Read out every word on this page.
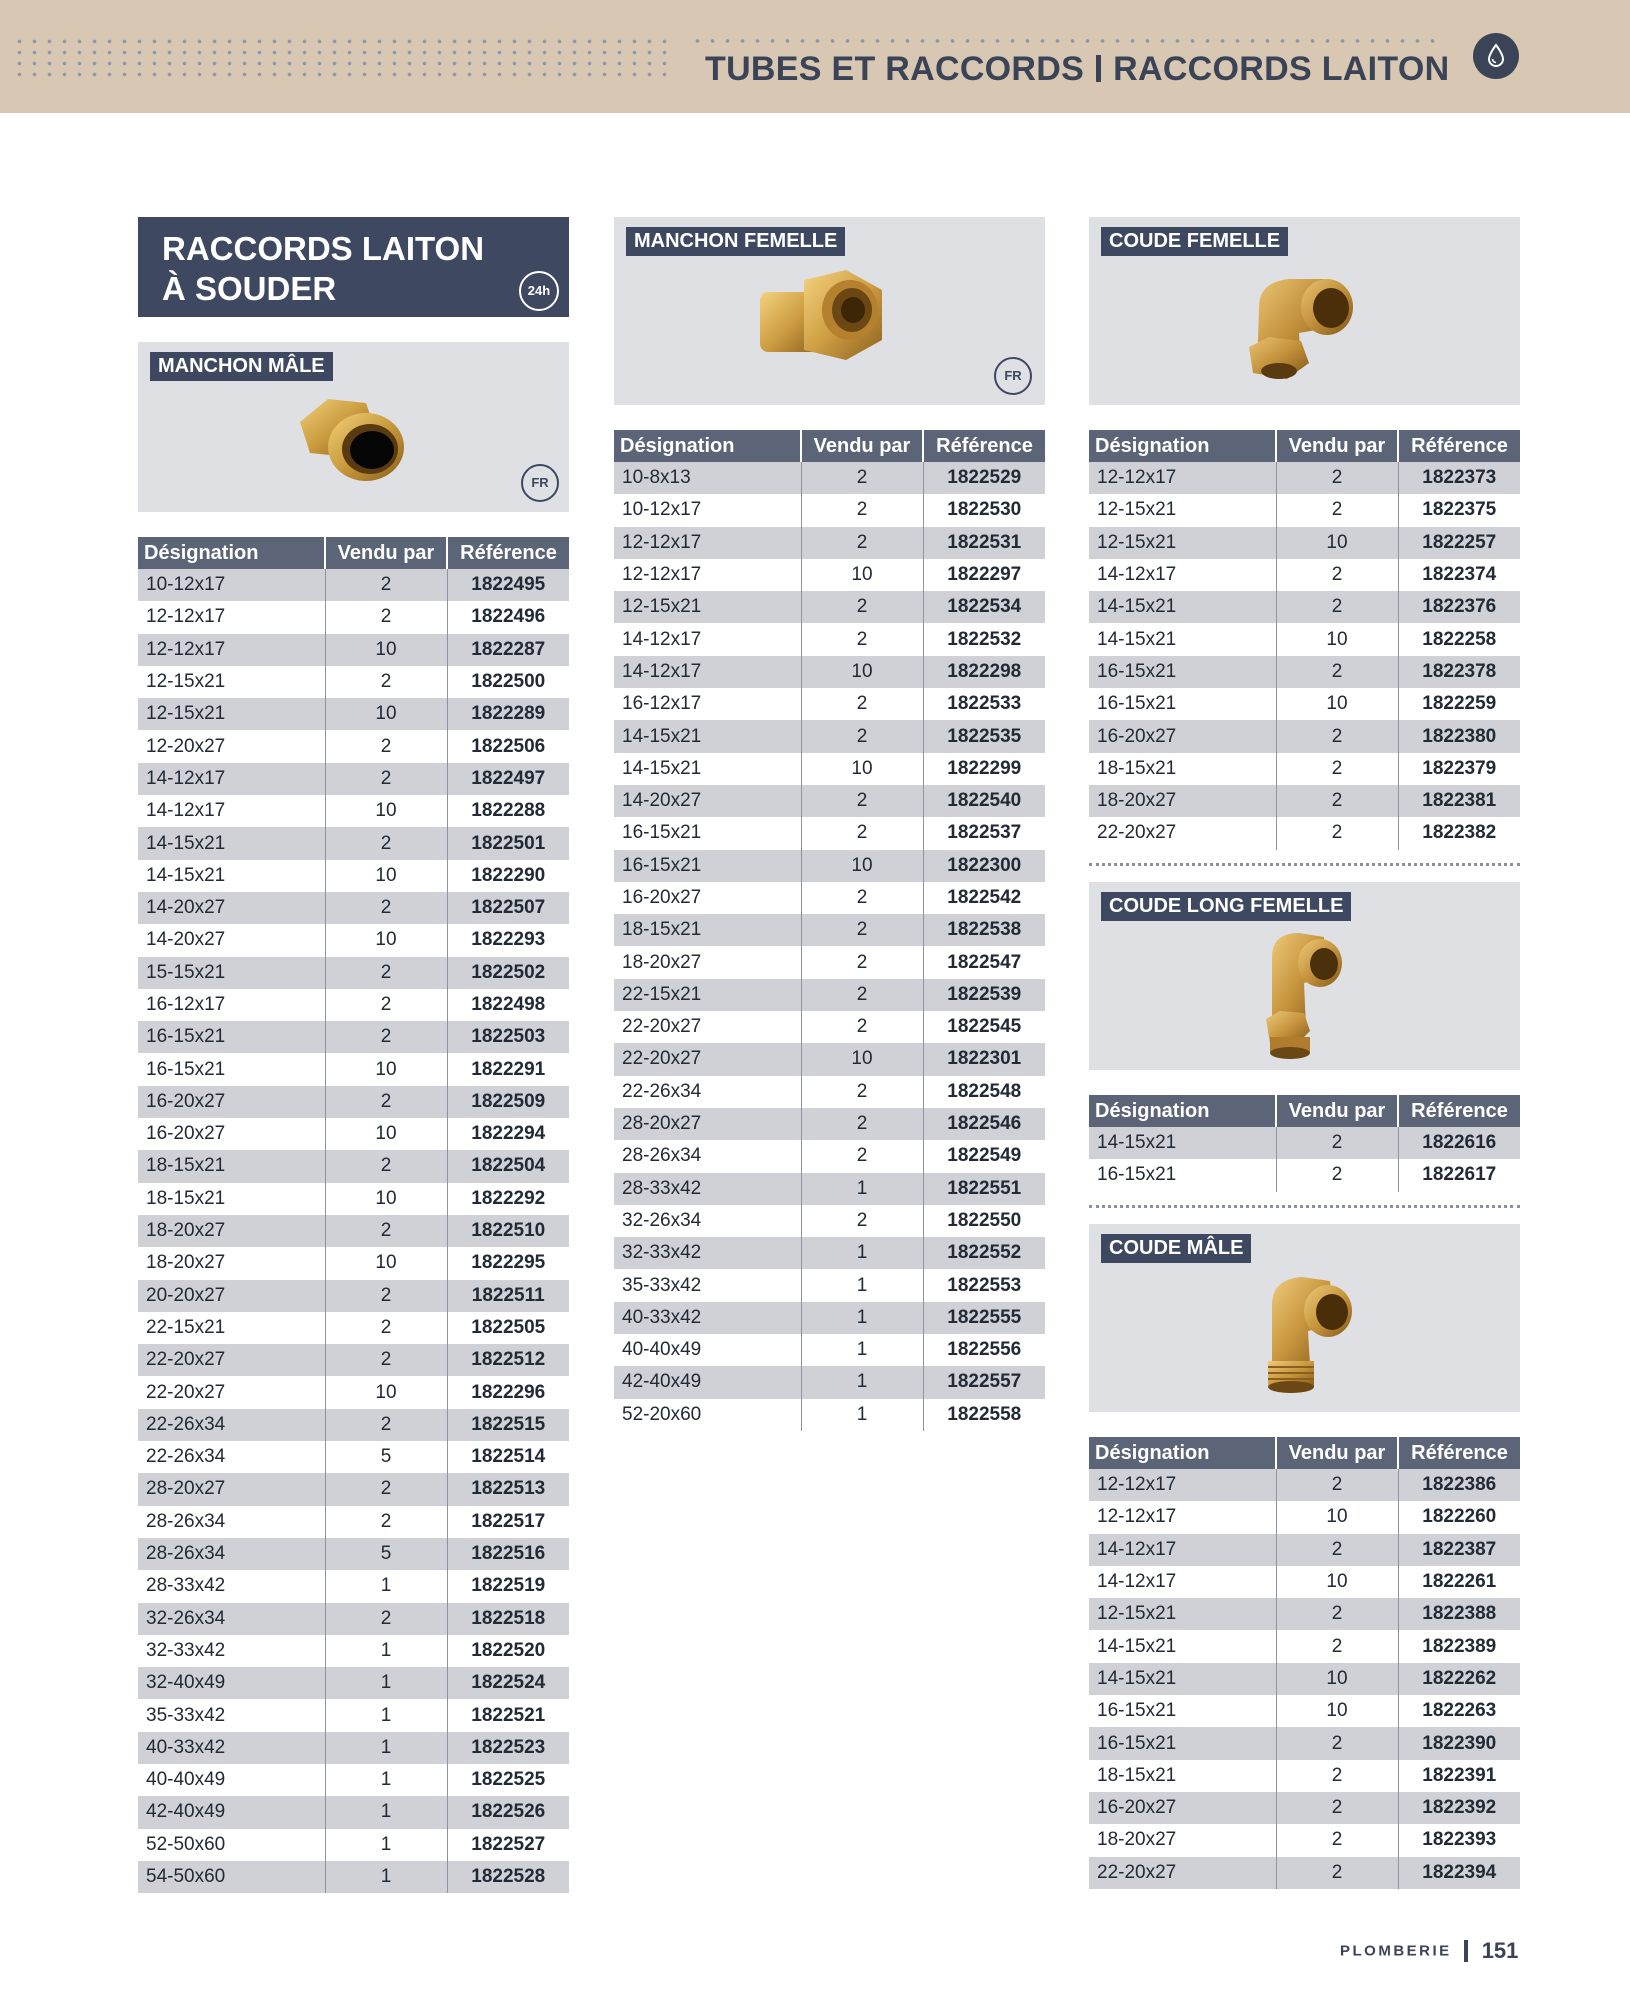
TUBES ET RACCORDS RACCORDS LAITON
RACCORDS LAITON
À SOUDER	24h
MANCHON MÂLE
FR
Désignation	Vendu par	Référence
10-12x17	2	1822495
12-12x17	2	1822496
12-12x17	10	1822287
12-15x21	2	1822500
12-15x21	10	1822289
12-20x27	2	1822506
14-12x17	2	1822497
14-12x17	10	1822288
14-15x21	2	1822501
14-15x21	10	1822290
14-20x27	2	1822507
14-20x27	10	1822293
15-15x21	2	1822502
16-12x17	2	1822498
16-15x21	2	1822503
16-15x21	10	1822291
16-20x27	2	1822509
16-20x27	10	1822294
18-15x21	2	1822504
18-15x21	10	1822292
18-20x27	2	1822510
18-20x27	10	1822295
20-20x27	2	1822511
22-15x21	2	1822505
22-20x27	2	1822512
22-20x27	10	1822296
22-26x34	2	1822515
22-26x34	5	1822514
28-20x27	2	1822513
28-26x34	2	1822517
28-26x34	5	1822516
28-33x42	1	1822519
32-26x34	2	1822518
32-33x42	1	1822520
32-40x49	1	1822524
35-33x42	1	1822521
40-33x42	1	1822523
40-40x49	1	1822525
42-40x49	1	1822526
52-50x60	1	1822527
54-50x60	1	1822528
MANCHON FEMELLE
FR
Désignation	Vendu par	Référence
10-8x13	2	1822529
10-12x17	2	1822530
12-12x17	2	1822531
12-12x17	10	1822297
12-15x21	2	1822534
14-12x17	2	1822532
14-12x17	10	1822298
16-12x17	2	1822533
14-15x21	2	1822535
14-15x21	10	1822299
14-20x27	2	1822540
16-15x21	2	1822537
16-15x21	10	1822300
16-20x27	2	1822542
18-15x21	2	1822538
18-20x27	2	1822547
22-15x21	2	1822539
22-20x27	2	1822545
22-20x27	10	1822301
22-26x34	2	1822548
28-20x27	2	1822546
28-26x34	2	1822549
28-33x42	1	1822551
32-26x34	2	1822550
32-33x42	1	1822552
35-33x42	1	1822553
40-33x42	1	1822555
40-40x49	1	1822556
42-40x49	1	1822557
52-20x60	1	1822558
COUDE FEMELLE
Désignation	Vendu par	Référence
12-12x17	2	1822373
12-15x21	2	1822375
12-15x21	10	1822257
14-12x17	2	1822374
14-15x21	2	1822376
14-15x21	10	1822258
16-15x21	2	1822378
16-15x21	10	1822259
16-20x27	2	1822380
18-15x21	2	1822379
18-20x27	2	1822381
22-20x27	2	1822382
COUDE LONG FEMELLE
Désignation	Vendu par	Référence
14-15x21	2	1822616
16-15x21	2	1822617
COUDE MÂLE
Désignation	Vendu par	Référence
12-12x17	2	1822386
12-12x17	10	1822260
14-12x17	2	1822387
14-12x17	10	1822261
12-15x21	2	1822388
14-15x21	2	1822389
14-15x21	10	1822262
16-15x21	10	1822263
16-15x21	2	1822390
18-15x21	2	1822391
16-20x27	2	1822392
18-20x27	2	1822393
22-20x27	2	1822394
PLOMBERIE 151
